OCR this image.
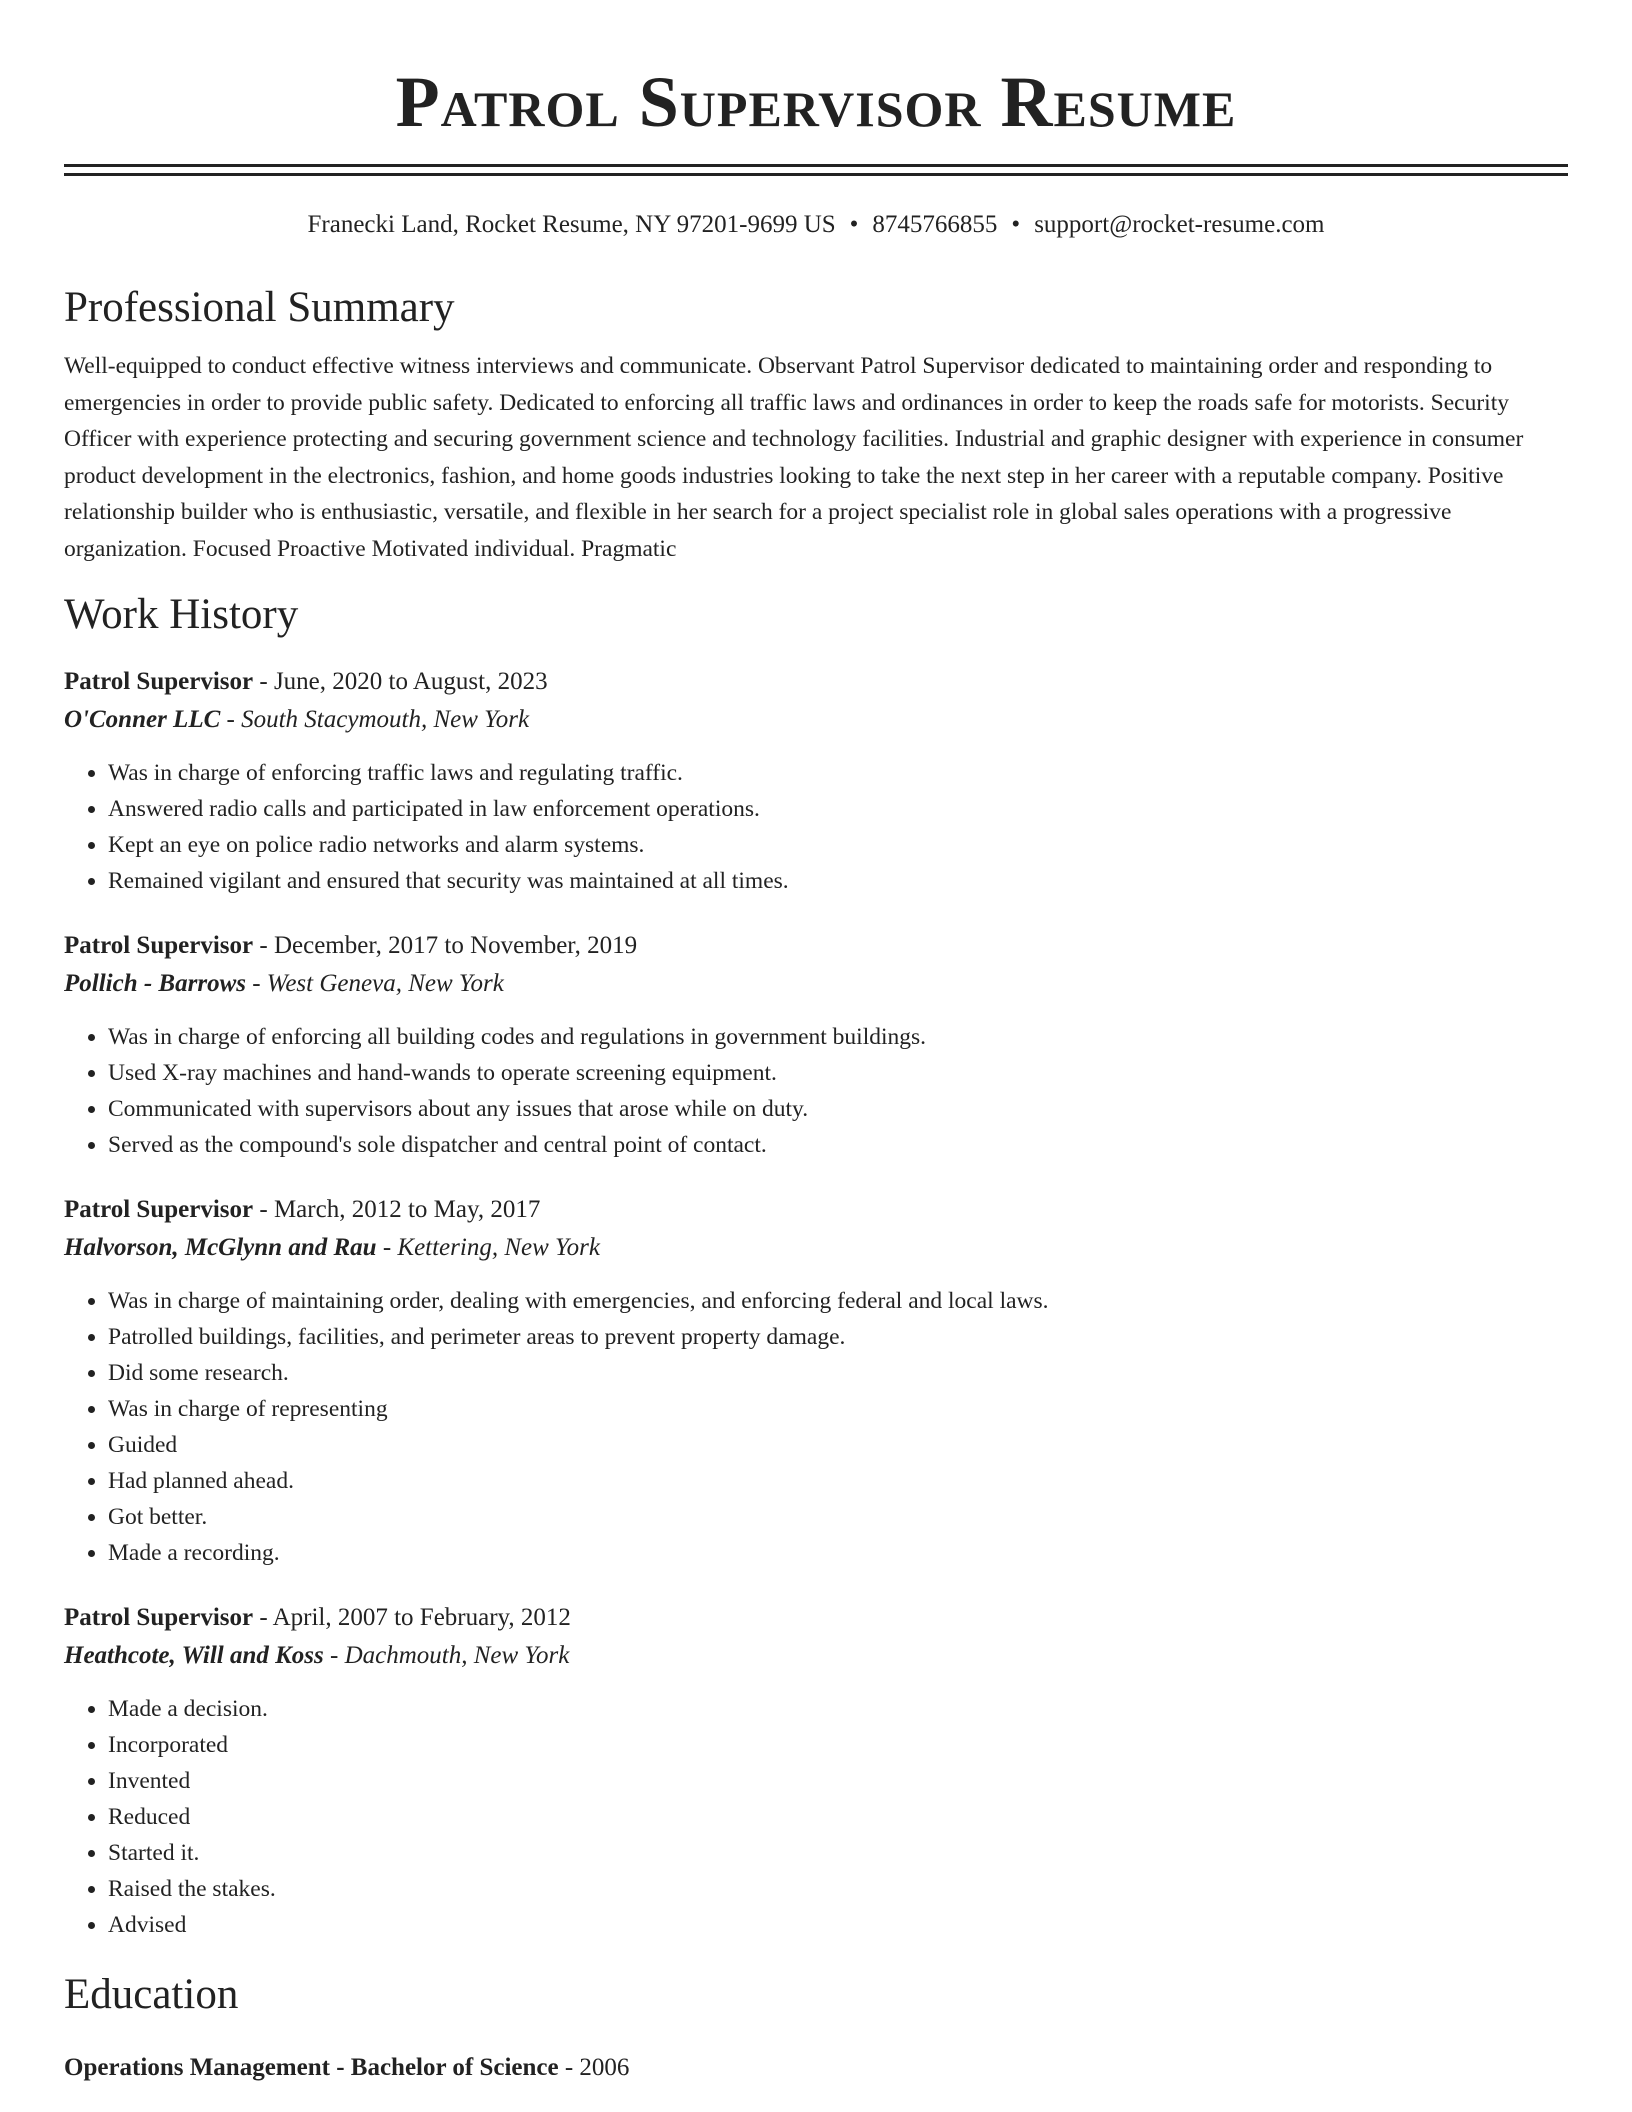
Patrol Supervisor Resume
Franecki Land, Rocket Resume, NY 97201-9699 US • 8745766855 • support@rocket-resume.com
Professional Summary

Well-equipped to conduct effective witness interviews and communicate. Observant Patrol Supervisor dedicated to maintaining order and responding to emergencies in order to provide public safety. Dedicated to enforcing all traffic laws and ordinances in order to keep the roads safe for motorists. Security Officer with experience protecting and securing government science and technology facilities. Industrial and graphic designer with experience in consumer product development in the electronics, fashion, and home goods industries looking to take the next step in her career with a reputable company. Positive relationship builder who is enthusiastic, versatile, and flexible in her search for a project specialist role in global sales operations with a progressive organization. Focused Proactive Motivated individual. Pragmatic

Work History
Patrol Supervisor - June, 2020 to August, 2023
O'Conner LLC - South Stacymouth, New York
• Was in charge of enforcing traffic laws and regulating traffic.
• Answered radio calls and participated in law enforcement operations.
• Kept an eye on police radio networks and alarm systems.
• Remained vigilant and ensured that security was maintained at all times.
Patrol Supervisor - December, 2017 to November, 2019
Pollich - Barrows - West Geneva, New York
• Was in charge of enforcing all building codes and regulations in government buildings.
• Used X-ray machines and hand-wands to operate screening equipment.
• Communicated with supervisors about any issues that arose while on duty.
• Served as the compound's sole dispatcher and central point of contact.
Patrol Supervisor - March, 2012 to May, 2017
Halvorson, McGlynn and Rau - Kettering, New York
• Was in charge of maintaining order, dealing with emergencies, and enforcing federal and local laws.
• Patrolled buildings, facilities, and perimeter areas to prevent property damage.
• Did some research.
• Was in charge of representing
• Guided
• Had planned ahead.
• Got better.
• Made a recording.
Patrol Supervisor - April, 2007 to February, 2012
Heathcote, Will and Koss - Dachmouth, New York
• Made a decision.
• Incorporated
• Invented
• Reduced
• Started it.
• Raised the stakes.
• Advised
Education
Operations Management - Bachelor of Science - 2006
